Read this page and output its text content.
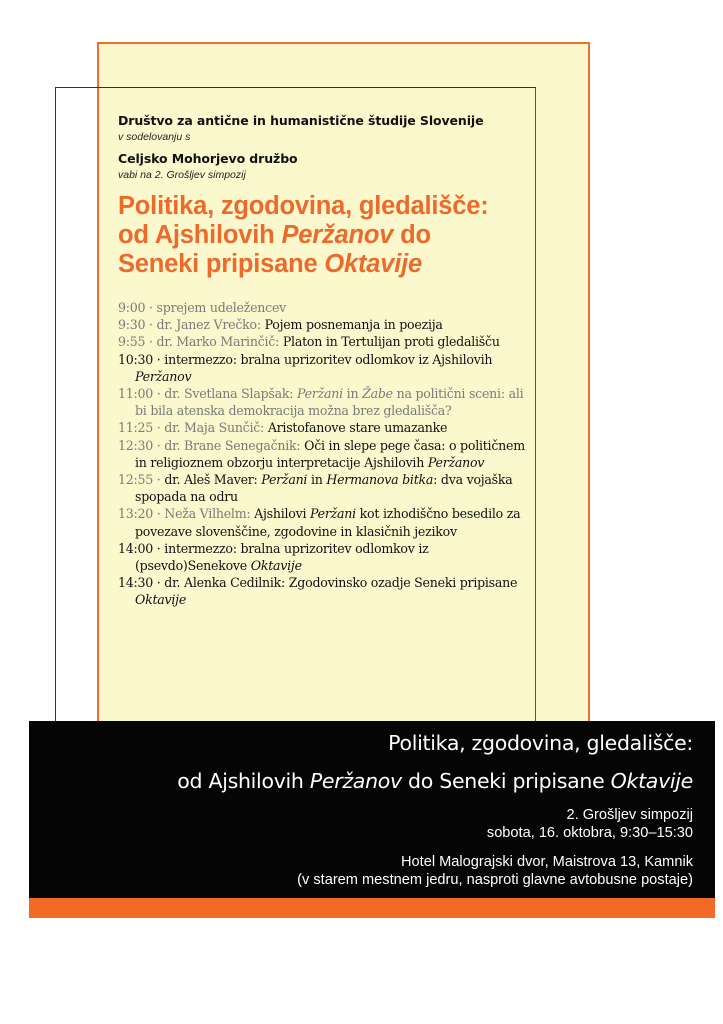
Društvo za antične in humanistične študije Slovenije

v sodelovanju s

Celjsko Mohorjevo družbo

vabi na 2. Grošljev simpozij

Politika, zgodovina, gledališče:
od Ajshilovih Peržanov do
Seneki pripisane Oktavije
9:00 · sprejem udeležencev
9:30 · dr. Janez Vrečko: Pojem posnemanja in poezija
9:55 · dr. Marko Marinčič: Platon in Tertulijan proti gledališču
10:30 · intermezzo: bralna uprizoritev odlomkov iz Ajshilovih Peržanov
11:00 · dr. Svetlana Slapšak: Peržani in Žabe na politični sceni: ali bi bila atenska demokracija možna brez gledališča?
11:25 · dr. Maja Sunčič: Aristofanove stare umazanke
12:30 · dr. Brane Senegačnik: Oči in slepe pege časa: o političnem in religioznem obzorju interpretacije Ajshilovih Peržanov
12:55 · dr. Aleš Maver: Peržani in Hermanova bitka: dva vojaška spopada na odru
13:20 · Neža Vilhelm: Ajshilovi Peržani kot izhodiščno besedilo za povezave slovenščine, zgodovine in klasičnih jezikov
14:00 · intermezzo: bralna uprizoritev odlomkov iz (psevdo)Senekove Oktavije
14:30 · dr. Alenka Cedilnik: Zgodovinsko ozadje Seneki pripisane Oktavije
Politika, zgodovina, gledališče:
od Ajshilovih Peržanov do Seneki pripisane Oktavije
2. Grošljev simpozij
sobota, 16. oktobra, 9:30–15:30
Hotel Malograjski dvor, Maistrova 13, Kamnik
(v starem mestnem jedru, nasproti glavne avtobusne postaje)
